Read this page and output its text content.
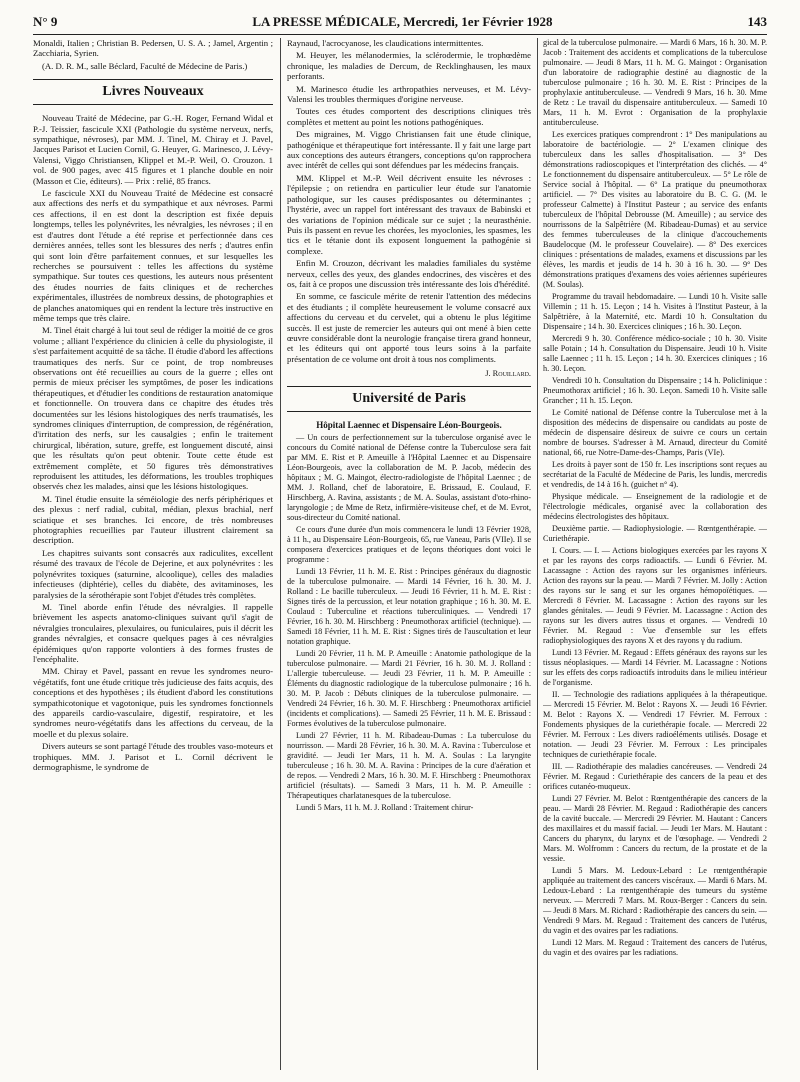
N° 9	LA PRESSE MÉDICALE, Mercredi, 1er Février 1928	143

Monaldi, Italien ; Christian B. Pedersen, U. S. A. ; Jamel, Argentin ; Zacchiaria, Syrien.

(A. D. R. M., salle Béclard, Faculté de Médecine de Paris.)

Livres Nouveaux

Nouveau Traité de Médecine, par G.-H. Roger, Fernand Widal et P.-J. Teissier, fascicule XXI (Pathologie du système nerveux, nerfs, sympathique, névroses), par MM. J. Tinel, M. Chiray et J. Pavel, Jacques Parisot et Lucien Cornil, G. Heuyer, G. Marinesco, J. Lévy-Valensi, Viggo Christiansen, Klippel et M.-P. Weil, O. Crouzon. 1 vol. de 900 pages, avec 415 figures et 1 planche double en noir (Masson et Cie, éditeurs). — Prix : relié, 85 francs.

Le fascicule XXI du Nouveau Traité de Médecine est consacré aux affections des nerfs et du sympathique et aux névroses. Parmi ces affections, il en est dont la description est fixée depuis longtemps, telles les polynévrites, les névralgies, les névroses ; il en est d'autres dont l'étude a été reprise et perfectionnée dans ces dernières années, telles sont les blessures des nerfs ; d'autres enfin qui sont loin d'être parfaitement connues, et sur lesquelles les recherches se poursuivent : telles les affections du système sympathique. Sur toutes ces questions, les auteurs nous présentent des études nourries de faits cliniques et de recherches expérimentales, illustrées de nombreux dessins, de photographies et de planches anatomiques qui en rendent la lecture très instructive en même temps que très claire.

M. Tinel était chargé à lui tout seul de rédiger la moitié de ce gros volume ; alliant l'expérience du clinicien à celle du physiologiste, il s'est parfaitement acquitté de sa tâche. Il étudie d'abord les affections traumatiques des nerfs. Sur ce point, de trop nombreuses observations ont été recueillies au cours de la guerre ; elles ont permis de mieux préciser les symptômes, de poser les indications thérapeutiques, et d'étudier les conditions de restauration anatomique et fonctionnelle. On trouvera dans ce chapitre des études très documentées sur les lésions histologiques des nerfs traumatisés, les syndromes cliniques d'interruption, de compression, de régénération, d'irritation des nerfs, sur les causalgies ; enfin le traitement chirurgical, libération, suture, greffe, est longuement discuté, ainsi que les résultats qu'on peut obtenir. Toute cette étude est extrêmement complète, et 50 figures très démonstratives reproduisent les attitudes, les déformations, les troubles trophiques observés chez les malades, ainsi que les lésions histologiques.

M. Tinel étudie ensuite la séméiologie des nerfs périphériques et des plexus : nerf radial, cubital, médian, plexus brachial, nerf sciatique et ses branches. Ici encore, de très nombreuses photographies recueillies par l'auteur illustrent clairement sa description.

Les chapitres suivants sont consacrés aux radiculites, excellent résumé des travaux de l'école de Dejerine, et aux polynévrites : les polynévrites toxiques (saturnine, alcoolique), celles des maladies infectieuses (diphtérie), celles du diabète, des avitaminoses, les paralysies de la sérothérapie sont l'objet d'études très complètes.

M. Tinel aborde enfin l'étude des névralgies. Il rappelle brièvement les aspects anatomo-cliniques suivant qu'il s'agit de névralgies tronculaires, plexulaires, ou funiculaires, puis il décrit les grandes névralgies, et consacre quelques pages à ces névralgies épidémiques qu'on rapporte volontiers à des formes frustes de l'encéphalite.

MM. Chiray et Pavel, passant en revue les syndromes neuro-végétatifs, font une étude critique très judicieuse des faits acquis, des conceptions et des hypothèses ; ils étudient d'abord les constitutions sympathicotonique et vagotonique, puis les syndromes fonctionnels des appareils cardio-vasculaire, digestif, respiratoire, et les syndromes neuro-végétatifs dans les affections du cerveau, de la moelle et du plexus solaire.

Divers auteurs se sont partagé l'étude des troubles vaso-moteurs et trophiques. MM. J. Parisot et L. Cornil décrivent le dermographisme, le syndrome de

Raynaud, l'acrocyanose, les claudications intermittentes.

M. Heuyer, les mélanodermies, la sclérodermie, le trophœdème chronique, les maladies de Dercum, de Recklinghausen, les maux perforants.

M. Marinesco étudie les arthropathies nerveuses, et M. Lévy-Valensi les troubles thermiques d'origine nerveuse.

Toutes ces études comportent des descriptions cliniques très complètes et mettent au point les notions pathogéniques.

Des migraines, M. Viggo Christiansen fait une étude clinique, pathogénique et thérapeutique fort intéressante. Il y fait une large part aux conceptions des auteurs étrangers, conceptions qu'on rapprochera avec intérêt de celles qui sont défendues par les médecins français.

MM. Klippel et M.-P. Weil décrivent ensuite les névroses : l'épilepsie ; on retiendra en particulier leur étude sur l'anatomie pathologique, sur les causes prédisposantes ou déterminantes ; l'hystérie, avec un rappel fort intéressant des travaux de Babinski et des variations de l'opinion médicale sur ce sujet ; la neurasthénie. Puis ils passent en revue les chorées, les myoclonies, les spasmes, les tics et le tétanie dont ils exposent longuement la pathogénie si complexe.

Enfin M. Crouzon, décrivant les maladies familiales du système nerveux, celles des yeux, des glandes endocrines, des viscères et des os, fait à ce propos une discussion très intéressante des lois d'hérédité.

En somme, ce fascicule mérite de retenir l'attention des médecins et des étudiants ; il complète heureusement le volume consacré aux affections du cerveau et du cervelet, qui a obtenu le plus légitime succès. Il est juste de remercier les auteurs qui ont mené à bien cette œuvre considérable dont la neurologie française tirera grand honneur, et les éditeurs qui ont apporté tous leurs soins à la parfaite présentation de ce volume ont droit à tous nos compliments.

J. Rouillard.
Université de Paris
Hôpital Laennec et Dispensaire Léon-Bourgeois.

— Un cours de perfectionnement sur la tuberculose organisé avec le concours du Comité national de Défense contre la Tuberculose sera fait par MM. E. Rist et P. Ameuille à l'Hôpital Laennec et au Dispensaire Léon-Bourgeois, avec la collaboration de M. P. Jacob, médecin des hôpitaux ; M. G. Maingot, électro-radiologiste de l'hôpital Laennec ; de MM. J. Rolland, chef de laboratoire, E. Brissaud, E. Coulaud, F. Hirschberg, A. Ravina, assistants ; de M. A. Soulas, assistant d'oto-rhino-laryngologie ; de Mme de Retz, infirmière-visiteuse chef, et de M. Evrot, sous-directeur du Comité national.

Ce cours d'une durée d'un mois commencera le lundi 13 Février 1928, à 11 h., au Dispensaire Léon-Bourgeois, 65, rue Vaneau, Paris (VIIe). Il se composera d'exercices pratiques et de leçons théoriques dont voici le programme :

Lundi 13 Février, 11 h. M. E. Rist : Principes généraux du diagnostic de la tuberculose pulmonaire. — Mardi 14 Février, 16 h. 30. M. J. Rolland : Le bacille tuberculeux. — Jeudi 16 Février, 11 h. M. E. Rist : Signes tirés de la percussion, et leur notation graphique ; 16 h. 30. M. E. Coulaud : Tuberculine et réactions tuberculiniques. — Vendredi 17 Février, 16 h. 30. M. Hirschberg : Pneumothorax artificiel (technique). — Samedi 18 Février, 11 h. M. E. Rist : Signes tirés de l'auscultation et leur notation graphique.

Lundi 20 Février, 11 h. M. P. Ameuille : Anatomie pathologique de la tuberculose pulmonaire. — Mardi 21 Février, 16 h. 30. M. J. Rolland : L'allergie tuberculeuse. — Jeudi 23 Février, 11 h. M. P. Ameuille : Éléments du diagnostic radiologique de la tuberculose pulmonaire ; 16 h. 30. M. P. Jacob : Débuts cliniques de la tuberculose pulmonaire. — Vendredi 24 Février, 16 h. 30. M. F. Hirschberg : Pneumothorax artificiel (incidents et complications). — Samedi 25 Février, 11 h. M. E. Brissaud : Formes évolutives de la tuberculose pulmonaire.

Lundi 27 Février, 11 h. M. Ribadeau-Dumas : La tuberculose du nourrisson. — Mardi 28 Février, 16 h. 30. M. A. Ravina : Tuberculose et gravidité. — Jeudi 1er Mars, 11 h. M. A. Soulas : La laryngite tuberculeuse ; 16 h. 30. M. A. Ravina : Principes de la cure d'aération et de repos. — Vendredi 2 Mars, 16 h. 30. M. F. Hirschberg : Pneumothorax artificiel (résultats). — Samedi 3 Mars, 11 h. M. P. Ameuille : Thérapeutiques charlatanesques de la tuberculose.

Lundi 5 Mars, 11 h. M. J. Rolland : Traitement chirur-

gical de la tuberculose pulmonaire. — Mardi 6 Mars, 16 h. 30. M. P. Jacob : Traitement des accidents et complications de la tuberculose pulmonaire. — Jeudi 8 Mars, 11 h. M. G. Maingot : Organisation d'un laboratoire de radiographie destiné au diagnostic de la tuberculose pulmonaire ; 16 h. 30. M. E. Rist : Principes de la prophylaxie antituberculeuse. — Vendredi 9 Mars, 16 h. 30. Mme de Retz : Le travail du dispensaire antituberculeux. — Samedi 10 Mars, 11 h. M. Evrot : Organisation de la prophylaxie antituberculeuse.

Les exercices pratiques comprendront : 1° Des manipulations au laboratoire de bactériologie. — 2° L'examen clinique des tuberculeux dans les salles d'hospitalisation. — 3° Des démonstrations radioscopiques et l'interprétation des clichés. — 4° Le fonctionnement du dispensaire antituberculeux. — 5° Le rôle de Service social à l'hôpital. — 6° La pratique du pneumothorax artificiel. — 7° Des visites au laboratoire du B. C. G. (M. le professeur Calmette) à l'Institut Pasteur ; au service des enfants tuberculeux de l'hôpital Debrousse (M. Ameuille) ; au service des nourrissons de la Salpêtrière (M. Ribadeau-Dumas) et au service des femmes tuberculeuses de la clinique d'accouchements Baudelocque (M. le professeur Couvelaire). — 8° Des exercices cliniques : présentations de malades, examens et discussions par les élèves, les mardis et jeudis de 14 h. 30 à 16 h. 30. — 9° Des démonstrations pratiques d'examens des voies aériennes supérieures (M. Soulas).

Programme du travail hebdomadaire. — Lundi 10 h. Visite salle Villemin ; 11 h. 15. Leçon ; 14 h. Visites à l'Institut Pasteur, à la Salpêtrière, à la Maternité, etc. Mardi 10 h. Consultation du Dispensaire ; 14 h. 30. Exercices cliniques ; 16 h. 30. Leçon.

Mercredi 9 h. 30. Conférence médico-sociale ; 10 h. 30. Visite salle Potain ; 14 h. Consultation du Dispensaire. Jeudi 10 h. Visite salle Laennec ; 11 h. 15. Leçon ; 14 h. 30. Exercices cliniques ; 16 h. 30. Leçon.

Vendredi 10 h. Consultation du Dispensaire ; 14 h. Policlinique : Pneumothorax artificiel ; 16 h. 30. Leçon. Samedi 10 h. Visite salle Grancher ; 11 h. 15. Leçon.

Le Comité national de Défense contre la Tuberculose met à la disposition des médecins de dispensaire ou candidats au poste de médecin de dispensaire désireux de suivre ce cours un certain nombre de bourses. S'adresser à M. Arnaud, directeur du Comité national, 66, rue Notre-Dame-des-Champs, Paris (VIe).

Les droits à payer sont de 150 fr. Les inscriptions sont reçues au secrétariat de la Faculté de Médecine de Paris, les lundis, mercredis et vendredis, de 14 à 16 h. (guichet n° 4).

Physique médicale. — Enseignement de la radiologie et de l'électrologie médicales, organisé avec la collaboration des médecins électrologistes des hôpitaux.

Deuxième partie. — Radiophysiologie. — Rœntgenthérapie. — Curiethérapie.

I. Cours. — I. — Actions biologiques exercées par les rayons X et par les rayons des corps radioactifs. — Lundi 6 Février. M. Lacassagne : Action des rayons sur les organismes inférieurs. Action des rayons sur la peau. — Mardi 7 Février. M. Jolly : Action des rayons sur le sang et sur les organes hémopoïétiques. — Mercredi 8 Février. M. Lacassagne : Action des rayons sur les glandes génitales. — Jeudi 9 Février. M. Lacassagne : Action des rayons sur les divers autres tissus et organes. — Vendredi 10 Février. M. Regaud : Vue d'ensemble sur les effets radiophysiologiques des rayons X et des rayons γ du radium.

Lundi 13 Février. M. Regaud : Effets généraux des rayons sur les tissus néoplasiques. — Mardi 14 Février. M. Lacassagne : Notions sur les effets des corps radioactifs introduits dans le milieu intérieur de l'organisme.

II. — Technologie des radiations appliquées à la thérapeutique. — Mercredi 15 Février. M. Belot : Rayons X. — Jeudi 16 Février. M. Belot : Rayons X. — Vendredi 17 Février. M. Ferroux : Fondements physiques de la curiethérapie focale. — Mercredi 22 Février. M. Ferroux : Les divers radioéléments utilisés. Dosage et notation. — Jeudi 23 Février. M. Ferroux : Les principales techniques de curiethérapie focale.

III. — Radiothérapie des maladies cancéreuses. — Vendredi 24 Février. M. Regaud : Curiethérapie des cancers de la peau et des orifices cutanéo-muqueux.

Lundi 27 Février. M. Belot : Rœntgenthérapie des cancers de la peau. — Mardi 28 Février. M. Regaud : Radiothérapie des cancers de la cavité buccale. — Mercredi 29 Février. M. Hautant : Cancers des maxillaires et du massif facial. — Jeudi 1er Mars. M. Hautant : Cancers du pharynx, du larynx et de l'œsophage. — Vendredi 2 Mars. M. Wolfromm : Cancers du rectum, de la prostate et de la vessie.

Lundi 5 Mars. M. Ledoux-Lebard : Le rœntgenthérapie appliquée au traitement des cancers viscéraux. — Mardi 6 Mars. M. Ledoux-Lebard : La rœntgenthérapie des tumeurs du système nerveux. — Mercredi 7 Mars. M. Roux-Berger : Cancers du sein. — Jeudi 8 Mars. M. Richard : Radiothérapie des cancers du sein. — Vendredi 9 Mars. M. Regaud : Traitement des cancers de l'utérus, du vagin et des ovaires par les radiations.

Lundi 12 Mars. M. Regaud : Traitement des cancers de l'utérus, du vagin et des ovaires par les radiations.
